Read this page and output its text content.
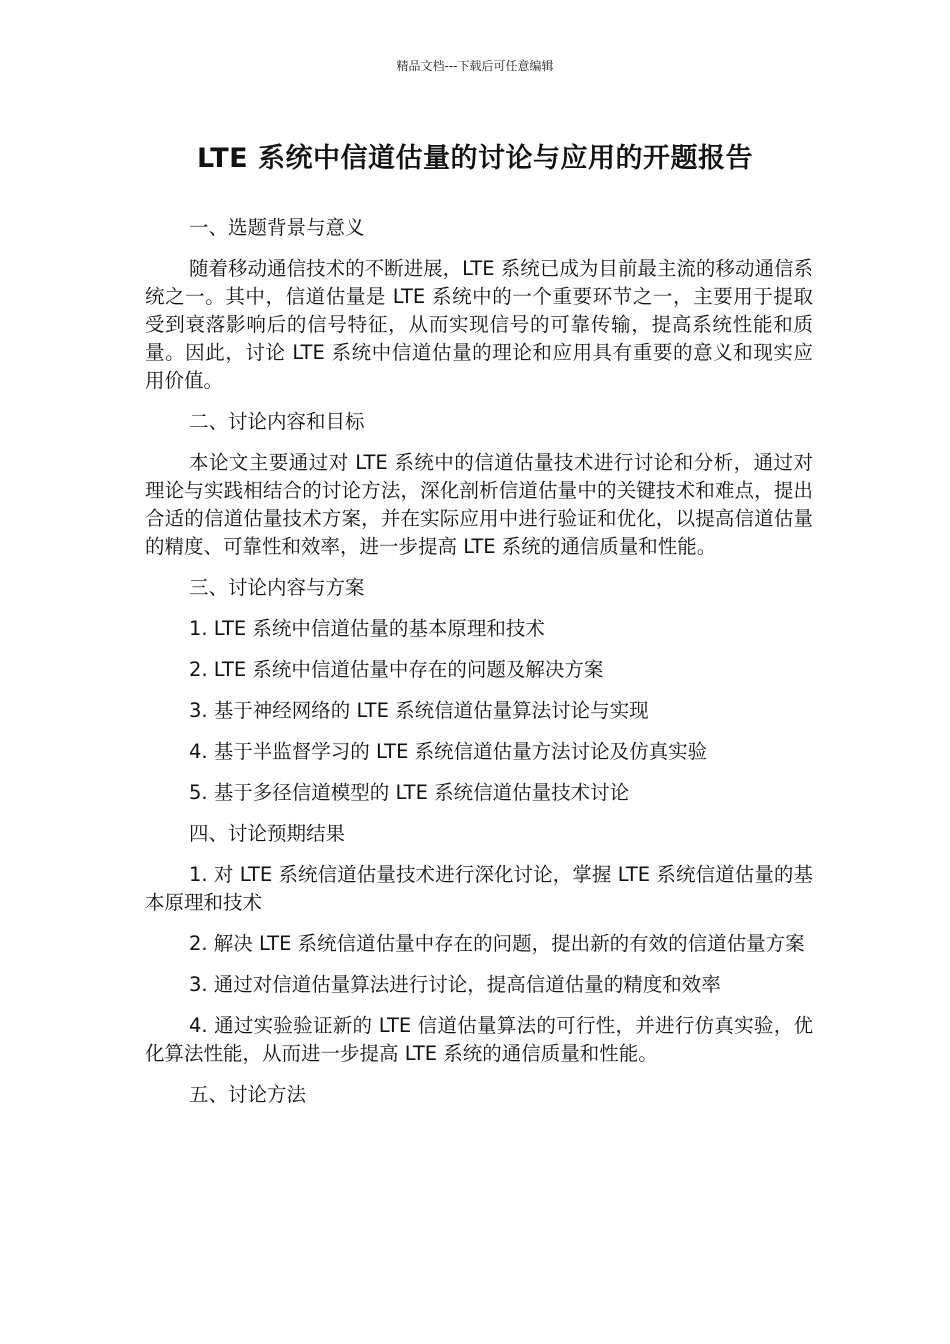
精品文档---下载后可任意编辑
LTE 系统中信道估量的讨论与应用的开题报告

一、选题背景与意义

随着移动通信技术的不断进展，LTE 系统已成为目前最主流的移动通信系统之一。其中，信道估量是 LTE 系统中的一个重要环节之一，主要用于提取受到衰落影响后的信号特征，从而实现信号的可靠传输，提高系统性能和质量。因此，讨论 LTE 系统中信道估量的理论和应用具有重要的意义和现实应用价值。

二、讨论内容和目标

本论文主要通过对 LTE 系统中的信道估量技术进行讨论和分析，通过对理论与实践相结合的讨论方法，深化剖析信道估量中的关键技术和难点，提出合适的信道估量技术方案，并在实际应用中进行验证和优化，以提高信道估量的精度、可靠性和效率，进一步提高 LTE 系统的通信质量和性能。

三、讨论内容与方案

1. LTE 系统中信道估量的基本原理和技术

2. LTE 系统中信道估量中存在的问题及解决方案

3. 基于神经网络的 LTE 系统信道估量算法讨论与实现

4. 基于半监督学习的 LTE 系统信道估量方法讨论及仿真实验

5. 基于多径信道模型的 LTE 系统信道估量技术讨论

四、讨论预期结果

1. 对 LTE 系统信道估量技术进行深化讨论，掌握 LTE 系统信道估量的基本原理和技术

2. 解决 LTE 系统信道估量中存在的问题，提出新的有效的信道估量方案

3. 通过对信道估量算法进行讨论，提高信道估量的精度和效率

4. 通过实验验证新的 LTE 信道估量算法的可行性，并进行仿真实验，优化算法性能，从而进一步提高 LTE 系统的通信质量和性能。

五、讨论方法
